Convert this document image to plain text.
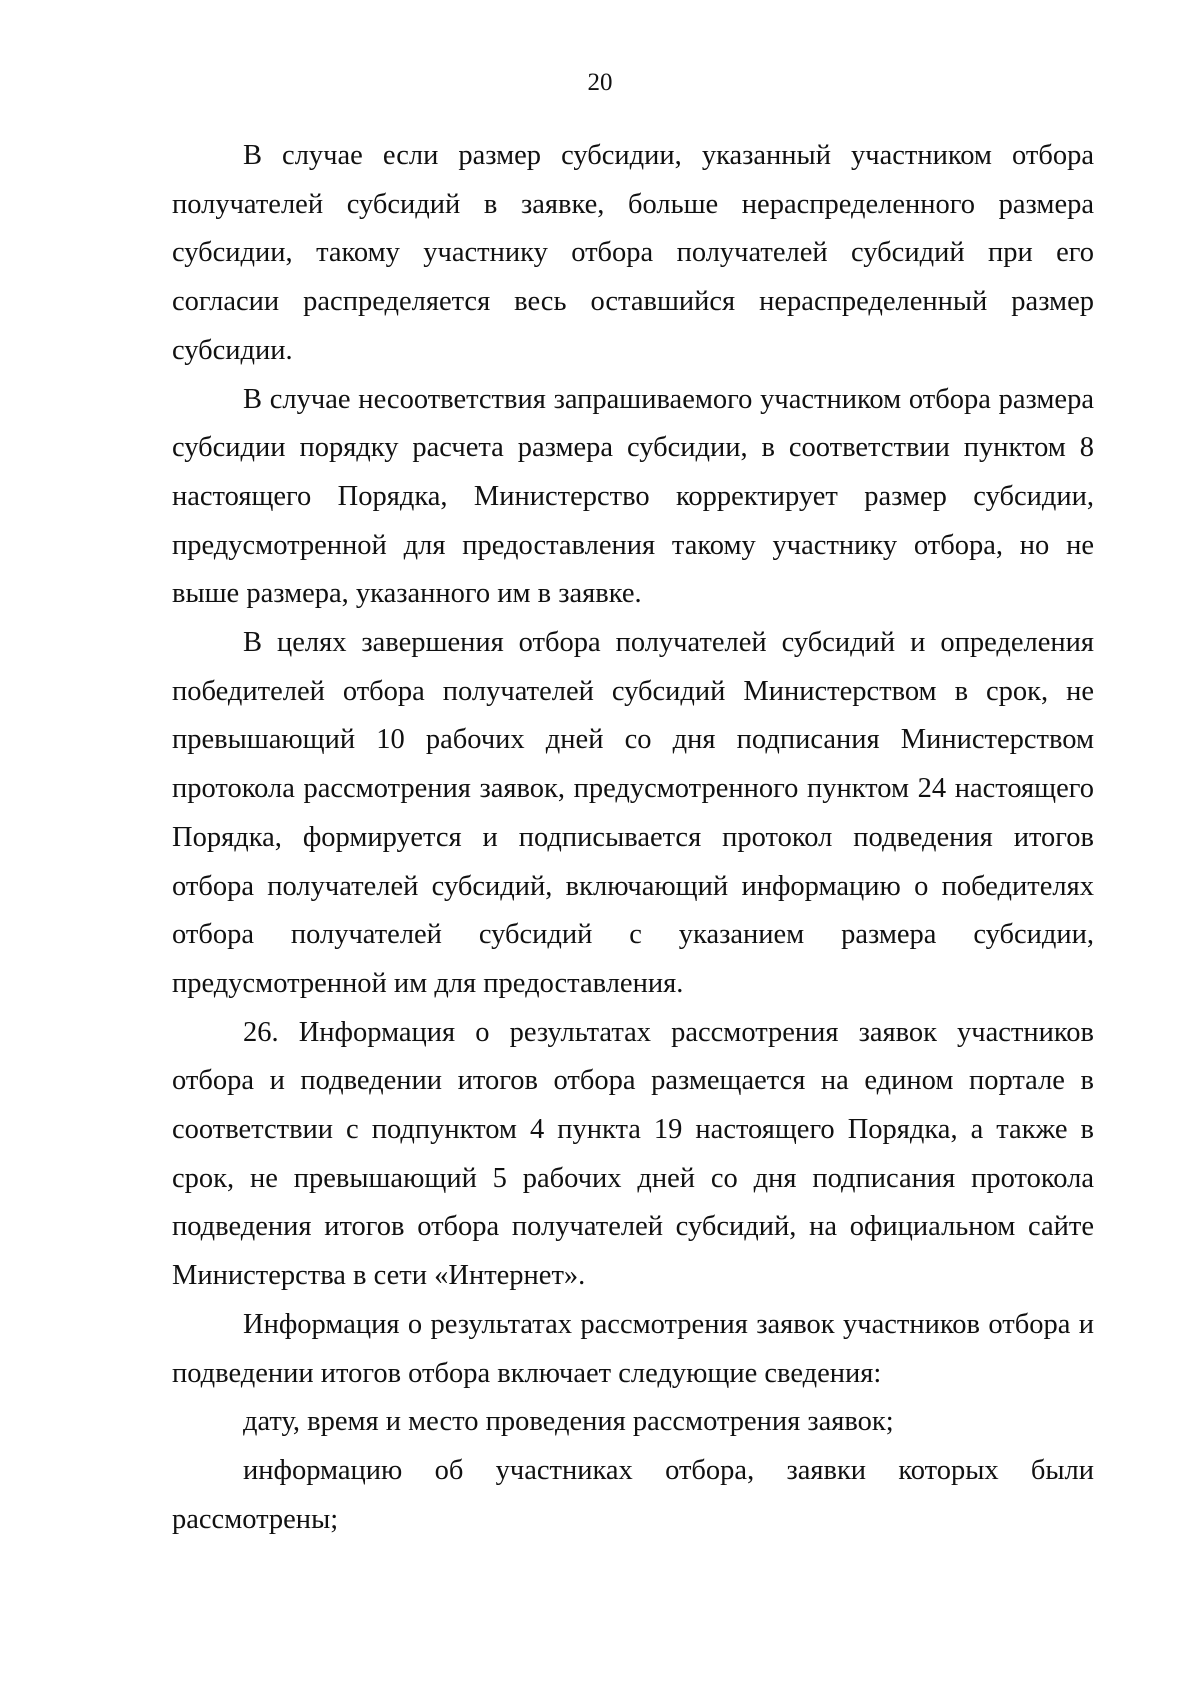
20

В случае если размер субсидии, указанный участником отбора получателей субсидий в заявке, больше нераспределенного размера субсидии, такому участнику отбора получателей субсидий при его согласии распределяется весь оставшийся нераспределенный размер субсидии.

В случае несоответствия запрашиваемого участником отбора размера субсидии порядку расчета размера субсидии, в соответствии пунктом 8 настоящего Порядка, Министерство корректирует размер субсидии, предусмотренной для предоставления такому участнику отбора, но не выше размера, указанного им в заявке.

В целях завершения отбора получателей субсидий и определения победителей отбора получателей субсидий Министерством в срок, не превышающий 10 рабочих дней со дня подписания Министерством протокола рассмотрения заявок, предусмотренного пунктом 24 настоящего Порядка, формируется и подписывается протокол подведения итогов отбора получателей субсидий, включающий информацию о победителях отбора получателей субсидий с указанием размера субсидии, предусмотренной им для предоставления.

26. Информация о результатах рассмотрения заявок участников отбора и подведении итогов отбора размещается на едином портале в соответствии с подпунктом 4 пункта 19 настоящего Порядка, а также в срок, не превышающий 5 рабочих дней со дня подписания протокола подведения итогов отбора получателей субсидий, на официальном сайте Министерства в сети «Интернет».

Информация о результатах рассмотрения заявок участников отбора и подведении итогов отбора включает следующие сведения:

дату, время и место проведения рассмотрения заявок;

информацию об участниках отбора, заявки которых были рассмотрены;
